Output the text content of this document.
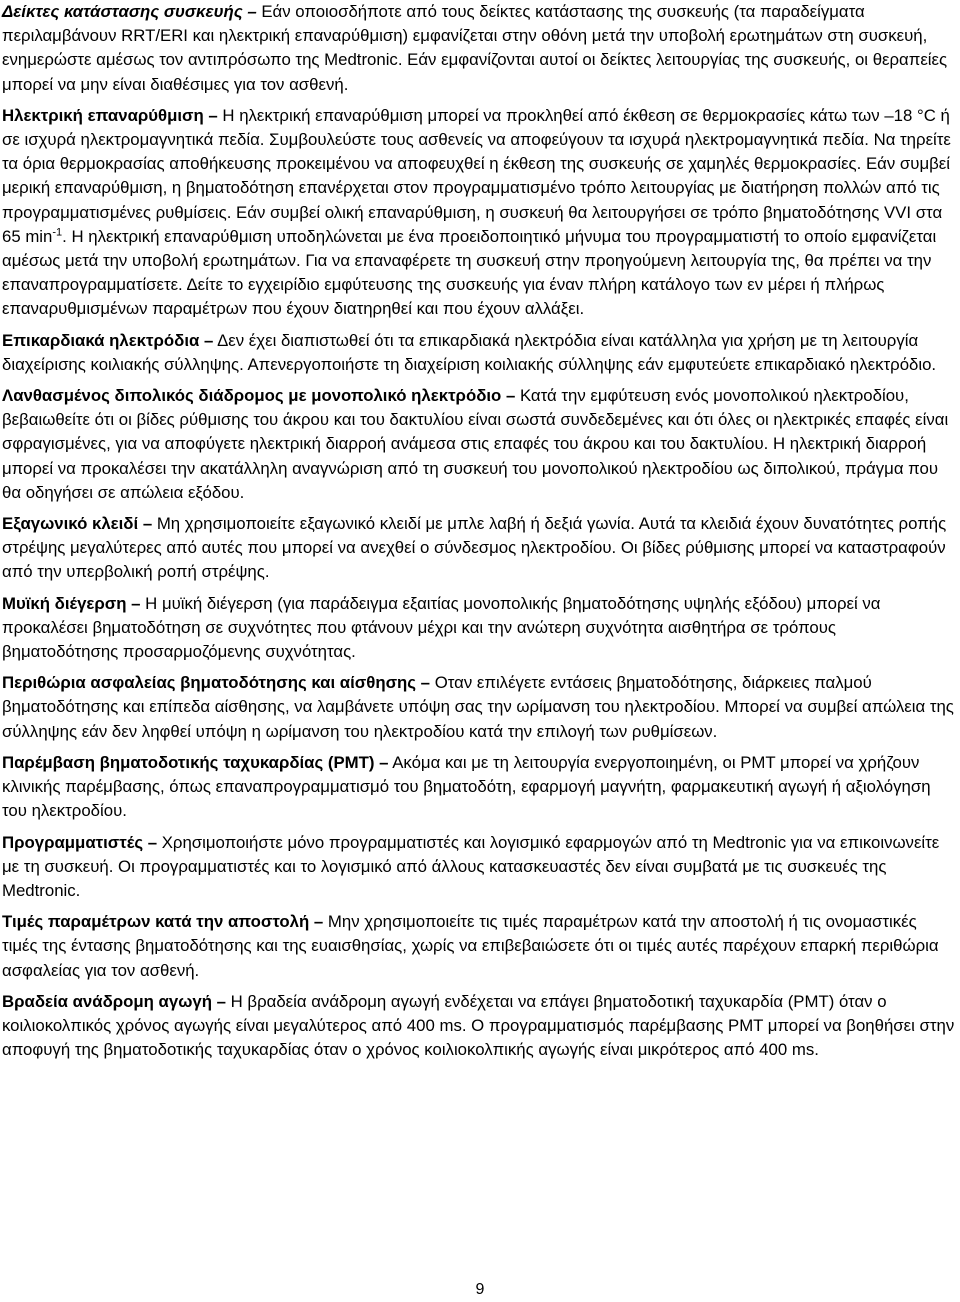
Δείκτες κατάστασης συσκευής – Εάν οποιοσδήποτε από τους δείκτες κατάστασης της συσκευής (τα παραδείγματα περιλαμβάνουν RRT/ERI και ηλεκτρική επαναρύθμιση) εμφανίζεται στην οθόνη μετά την υποβολή ερωτημάτων στη συσκευή, ενημερώστε αμέσως τον αντιπρόσωπο της Medtronic. Εάν εμφανίζονται αυτοί οι δείκτες λειτουργίας της συσκευής, οι θεραπείες μπορεί να μην είναι διαθέσιμες για τον ασθενή.

Ηλεκτρική επαναρύθμιση – Η ηλεκτρική επαναρύθμιση μπορεί να προκληθεί από έκθεση σε θερμοκρασίες κάτω των –18 °C ή σε ισχυρά ηλεκτρομαγνητικά πεδία. Συμβουλεύστε τους ασθενείς να αποφεύγουν τα ισχυρά ηλεκτρομαγνητικά πεδία. Να τηρείτε τα όρια θερμοκρασίας αποθήκευσης προκειμένου να αποφευχθεί η έκθεση της συσκευής σε χαμηλές θερμοκρασίες. Εάν συμβεί μερική επαναρύθμιση, η βηματοδότηση επανέρχεται στον προγραμματισμένο τρόπο λειτουργίας με διατήρηση πολλών από τις προγραμματισμένες ρυθμίσεις. Εάν συμβεί ολική επαναρύθμιση, η συσκευή θα λειτουργήσει σε τρόπο βηματοδότησης VVI στα 65 $\min^{-1}$. Η ηλεκτρική επαναρύθμιση υποδηλώνεται με ένα προειδοποιητικό μήνυμα του προγραμματιστή το οποίο εμφανίζεται αμέσως μετά την υποβολή ερωτημάτων. Για να επαναφέρετε τη συσκευή στην προηγούμενη λειτουργία της, θα πρέπει να την επαναπρογραμματίσετε. Δείτε το εγχειρίδιο εμφύτευσης της συσκευής για έναν πλήρη κατάλογο των εν μέρει ή πλήρως επαναρυθμισμένων παραμέτρων που έχουν διατηρηθεί και που έχουν αλλάξει.

Επικαρδιακά ηλεκτρόδια – Δεν έχει διαπιστωθεί ότι τα επικαρδιακά ηλεκτρόδια είναι κατάλληλα για χρήση με τη λειτουργία διαχείρισης κοιλιακής σύλληψης. Απενεργοποιήστε τη διαχείριση κοιλιακής σύλληψης εάν εμφυτεύετε επικαρδιακό ηλεκτρόδιο.

Λανθασμένος διπολικός διάδρομος με μονοπολικό ηλεκτρόδιο – Κατά την εμφύτευση ενός μονοπολικού ηλεκτροδίου, βεβαιωθείτε ότι οι βίδες ρύθμισης του άκρου και του δακτυλίου είναι σωστά συνδεδεμένες και ότι όλες οι ηλεκτρικές επαφές είναι σφραγισμένες, για να αποφύγετε ηλεκτρική διαρροή ανάμεσα στις επαφές του άκρου και του δακτυλίου. Η ηλεκτρική διαρροή μπορεί να προκαλέσει την ακατάλληλη αναγνώριση από τη συσκευή του μονοπολικού ηλεκτροδίου ως διπολικού, πράγμα που θα οδηγήσει σε απώλεια εξόδου.

Εξαγωνικό κλειδί – Μη χρησιμοποιείτε εξαγωνικό κλειδί με μπλε λαβή ή δεξιά γωνία. Αυτά τα κλειδιά έχουν δυνατότητες ροπής στρέψης μεγαλύτερες από αυτές που μπορεί να ανεχθεί ο σύνδεσμος ηλεκτροδίου. Οι βίδες ρύθμισης μπορεί να καταστραφούν από την υπερβολική ροπή στρέψης.

Μυϊκή διέγερση – Η μυϊκή διέγερση (για παράδειγμα εξαιτίας μονοπολικής βηματοδότησης υψηλής εξόδου) μπορεί να προκαλέσει βηματοδότηση σε συχνότητες που φτάνουν μέχρι και την ανώτερη συχνότητα αισθητήρα σε τρόπους βηματοδότησης προσαρμοζόμενης συχνότητας.

Περιθώρια ασφαλείας βηματοδότησης και αίσθησης – Οταν επιλέγετε εντάσεις βηματοδότησης, διάρκειες παλμού βηματοδότησης και επίπεδα αίσθησης, να λαμβάνετε υπόψη σας την ωρίμανση του ηλεκτροδίου. Μπορεί να συμβεί απώλεια της σύλληψης εάν δεν ληφθεί υπόψη η ωρίμανση του ηλεκτροδίου κατά την επιλογή των ρυθμίσεων.

Παρέμβαση βηματοδοτικής ταχυκαρδίας (PMT) – Ακόμα και με τη λειτουργία ενεργοποιημένη, οι PMT μπορεί να χρήζουν κλινικής παρέμβασης, όπως επαναπρογραμματισμό του βηματοδότη, εφαρμογή μαγνήτη, φαρμακευτική αγωγή ή αξιολόγηση του ηλεκτροδίου.

Προγραμματιστές – Χρησιμοποιήστε μόνο προγραμματιστές και λογισμικό εφαρμογών από τη Medtronic για να επικοινωνείτε με τη συσκευή. Οι προγραμματιστές και το λογισμικό από άλλους κατασκευαστές δεν είναι συμβατά με τις συσκευές της Medtronic.

Τιμές παραμέτρων κατά την αποστολή – Μην χρησιμοποιείτε τις τιμές παραμέτρων κατά την αποστολή ή τις ονομαστικές τιμές της έντασης βηματοδότησης και της ευαισθησίας, χωρίς να επιβεβαιώσετε ότι οι τιμές αυτές παρέχουν επαρκή περιθώρια ασφαλείας για τον ασθενή.

Βραδεία ανάδρομη αγωγή – Η βραδεία ανάδρομη αγωγή ενδέχεται να επάγει βηματοδοτική ταχυκαρδία (PMT) όταν ο κοιλιοκολπικός χρόνος αγωγής είναι μεγαλύτερος από 400 ms. Ο προγραμματισμός παρέμβασης PMT μπορεί να βοηθήσει στην αποφυγή της βηματοδοτικής ταχυκαρδίας όταν ο χρόνος κοιλιοκολπικής αγωγής είναι μικρότερος από 400 ms.

9
